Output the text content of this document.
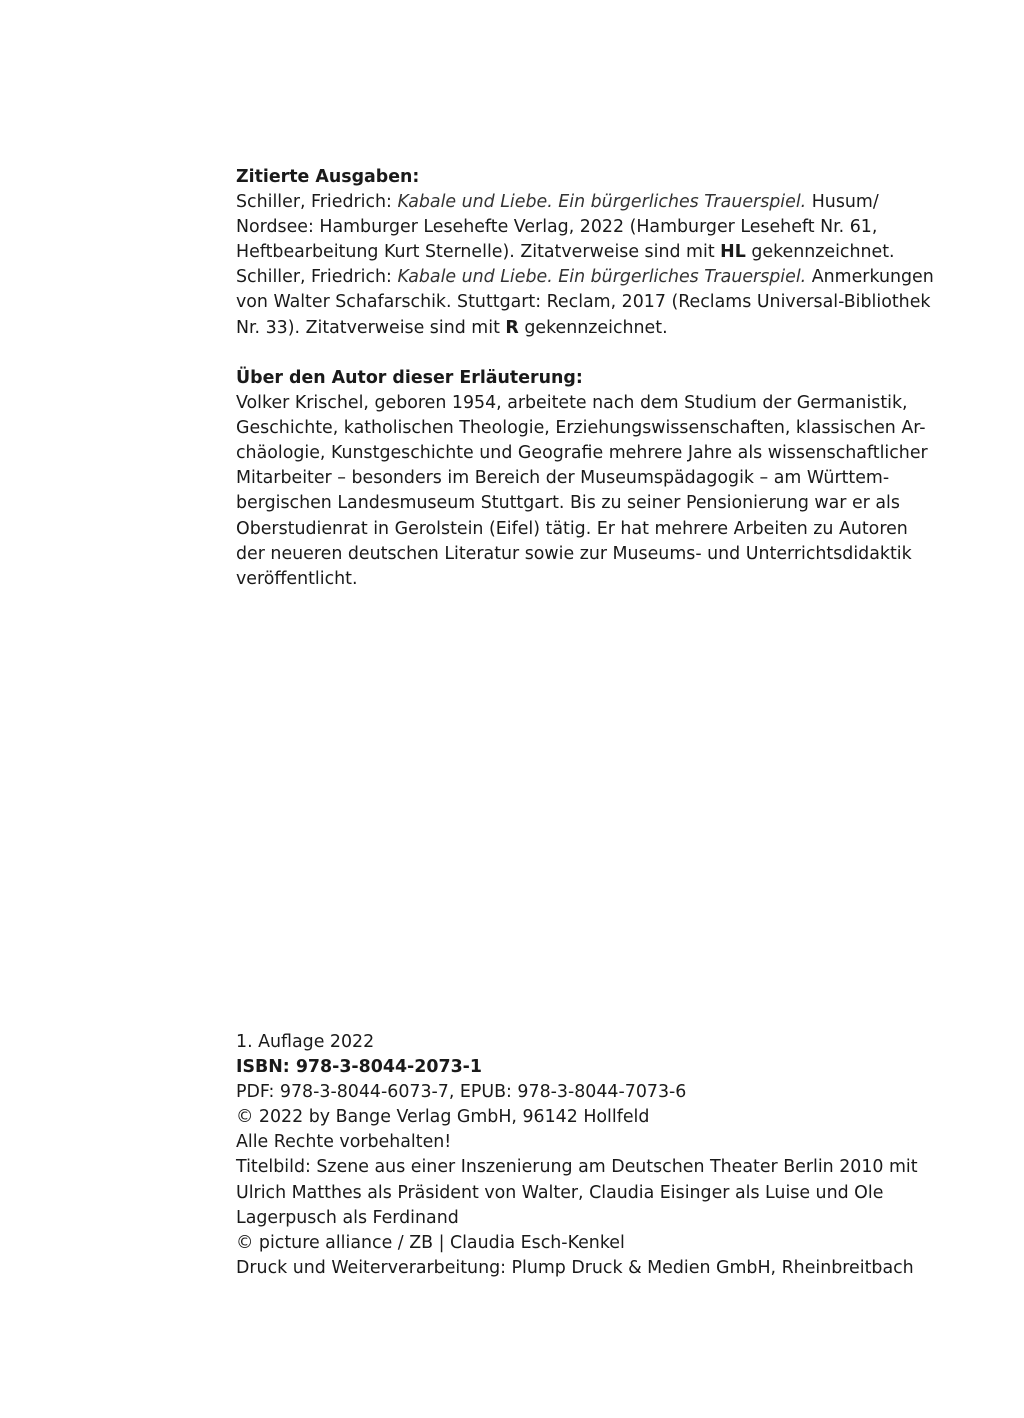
Zitierte Ausgaben:
Schiller, Friedrich: Kabale und Liebe. Ein bürgerliches Trauerspiel. Husum/
Nordsee: Hamburger Lesehefte Verlag, 2022 (Hamburger Leseheft Nr. 61,
Heftbearbeitung Kurt Sternelle). Zitatverweise sind mit HL gekennzeichnet.
Schiller, Friedrich: Kabale und Liebe. Ein bürgerliches Trauerspiel. Anmerkungen
von Walter Schafarschik. Stuttgart: Reclam, 2017 (Reclams Universal-Bibliothek
Nr. 33). Zitatverweise sind mit R gekennzeichnet.
Über den Autor dieser Erläuterung:
Volker Krischel, geboren 1954, arbeitete nach dem Studium der Germanistik,
Geschichte, katholischen Theologie, Erziehungswissenschaften, klassischen Ar-
chäologie, Kunstgeschichte und Geografie mehrere Jahre als wissenschaftlicher
Mitarbeiter – besonders im Bereich der Museumspädagogik – am Württem-
bergischen Landesmuseum Stuttgart. Bis zu seiner Pensionierung war er als
Oberstudienrat in Gerolstein (Eifel) tätig. Er hat mehrere Arbeiten zu Autoren
der neueren deutschen Literatur sowie zur Museums- und Unterrichtsdidaktik
veröffentlicht.
1. Auflage 2022
ISBN: 978-3-8044-2073-1
PDF: 978-3-8044-6073-7, EPUB: 978-3-8044-7073-6
© 2022 by Bange Verlag GmbH, 96142 Hollfeld
Alle Rechte vorbehalten!
Titelbild: Szene aus einer Inszenierung am Deutschen Theater Berlin 2010 mit
Ulrich Matthes als Präsident von Walter, Claudia Eisinger als Luise und Ole
Lagerpusch als Ferdinand
© picture alliance / ZB | Claudia Esch-Kenkel
Druck und Weiterverarbeitung: Plump Druck & Medien GmbH, Rheinbreitbach
